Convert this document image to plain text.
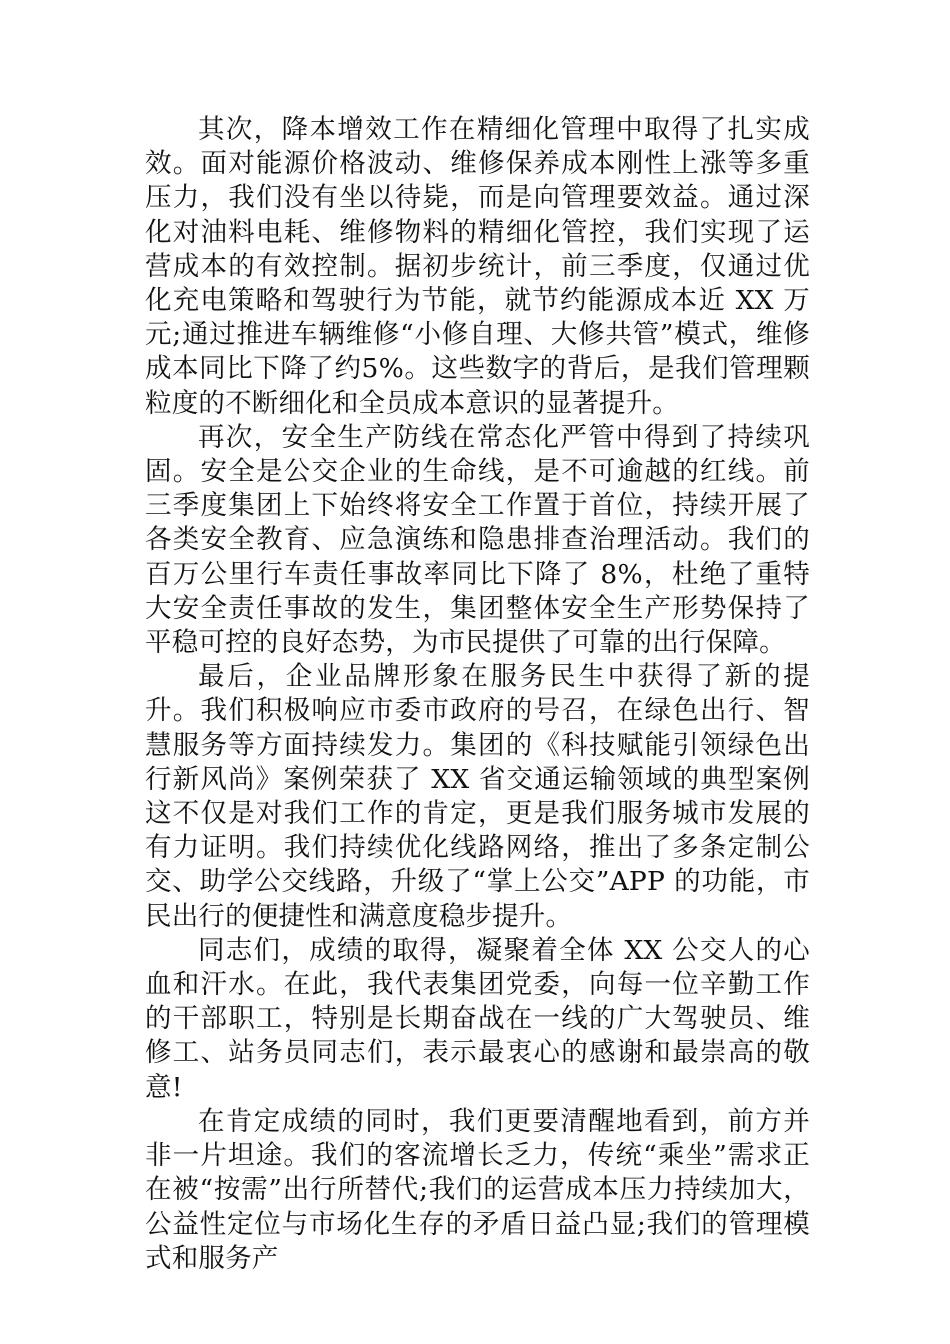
其次，降本增效工作在精细化管理中取得了扎实成效。面对能源价格波动、维修保养成本刚性上涨等多重压力，我们没有坐以待毙，而是向管理要效益。通过深化对油料电耗、维修物料的精细化管控，我们实现了运营成本的有效控制。据初步统计，前三季度，仅通过优化充电策略和驾驶行为节能，就节约能源成本近 XX 万元;通过推进车辆维修“小修自理、大修共管”模式，维修成本同比下降了约5%。这些数字的背后，是我们管理颗粒度的不断细化和全员成本意识的显著提升。

再次，安全生产防线在常态化严管中得到了持续巩固。安全是公交企业的生命线，是不可逾越的红线。前三季度集团上下始终将安全工作置于首位，持续开展了各类安全教育、应急演练和隐患排查治理活动。我们的百万公里行车责任事故率同比下降了 8%，杜绝了重特大安全责任事故的发生，集团整体安全生产形势保持了平稳可控的良好态势，为市民提供了可靠的出行保障。

最后，企业品牌形象在服务民生中获得了新的提升。我们积极响应市委市政府的号召，在绿色出行、智慧服务等方面持续发力。集团的《科技赋能引领绿色出行新风尚》案例荣获了 XX 省交通运输领域的典型案例这不仅是对我们工作的肯定，更是我们服务城市发展的有力证明。我们持续优化线路网络，推出了多条定制公交、助学公交线路，升级了“掌上公交”APP 的功能，市民出行的便捷性和满意度稳步提升。

同志们，成绩的取得，凝聚着全体 XX 公交人的心血和汗水。在此，我代表集团党委，向每一位辛勤工作的干部职工，特别是长期奋战在一线的广大驾驶员、维修工、站务员同志们，表示最衷心的感谢和最崇高的敬意!

在肯定成绩的同时，我们更要清醒地看到，前方并非一片坦途。我们的客流增长乏力，传统“乘坐”需求正在被“按需”出行所替代;我们的运营成本压力持续加大，公益性定位与市场化生存的矛盾日益凸显;我们的管理模式和服务产
